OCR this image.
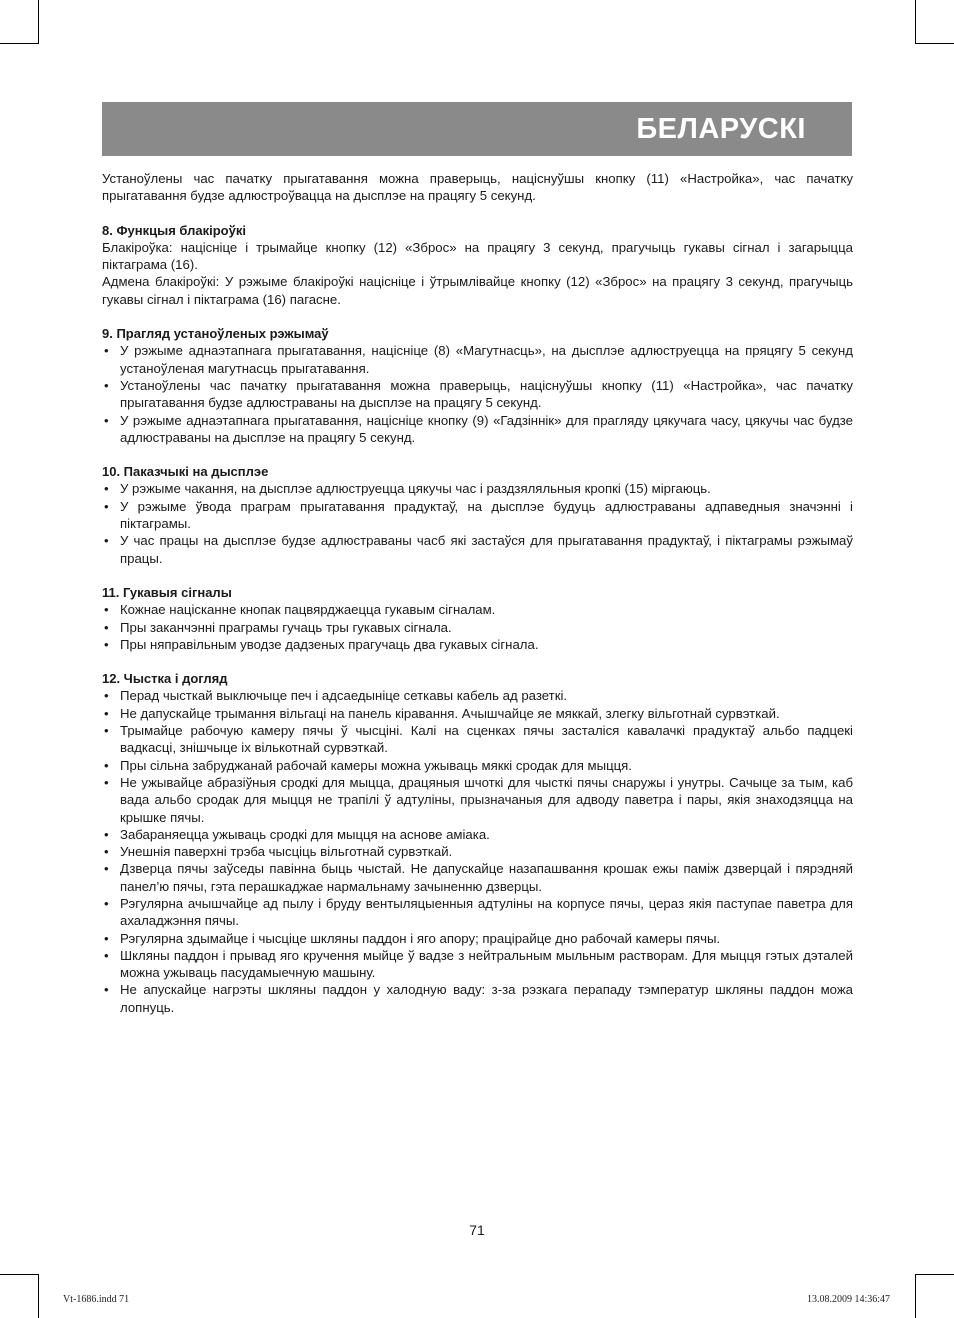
БЕЛАРУСКІ

Устаноўлены час пачатку прыгатавання можна праверыць, націснуўшы кнопку (11) «Настройка», час пачатку прыгатавання будзе адлюстроўвацца на дысплэе на працягу 5 секунд.

8. Функцыя блакіроўкі

Блакіроўка: націсніце і трымайце кнопку (12) «Зброс» на працягу 3 секунд, прагучыць гукавы сігнал і загарыцца піктаграма (16).

Адмена блакіроўкі: У рэжыме блакіроўкі націсніце і ўтрымлівайце кнопку (12) «Зброс» на працягу 3 секунд, прагучыць гукавы сігнал і піктаграма (16) пагасне.

9. Прагляд устаноўленых рэжымаў
• У рэжыме аднаэтапнага прыгатавання, націсніце (8) «Магутнасць», на дысплэе адлюструецца на пряцягу 5 секунд устаноўленая магутнасць прыгатавання.
• Устаноўлены час пачатку прыгатавання можна праверыць, націснуўшы кнопку (11) «Настройка», час пачатку прыгатавання будзе адлюстраваны на дысплэе на працягу 5 секунд.
• У рэжыме аднаэтапнага прыгатавання, націсніце кнопку (9) «Гадзіннік» для прагляду цякучага часу, цякучы час будзе адлюстраваны на дысплэе на працягу 5 секунд.
10. Паказчыкі на дысплэе
• У рэжыме чакання, на дысплэе адлюструецца цякучы час і раздзяляльныя кропкі (15) міргаюць.
• У рэжыме ўвода праграм прыгатавання прадуктаў, на дысплэе будуць адлюстраваны адпаведныя значэнні і піктаграмы.
• У час працы на дысплэе будзе адлюстраваны часб які застаўся для прыгатавання прадуктаў, і піктаграмы рэжымаў працы.
11. Гукавыя сігналы
• Кожнае націсканне кнопак пацвярджаецца гукавым сігналам.
• Пры заканчэнні праграмы гучаць тры гукавых сігнала.
• Пры няправільным уводзе дадзеных прагучаць два гукавых сігнала.
12. Чыстка і догляд
• Перад чысткай выключыце печ і адсаедыніце сеткавы кабель ад разеткі.
• Не дапускайце трымання вільгаці на панель кіравання. Ачышчайце яе мяккай, злегку вільготнай сурвэткай.
• Трымайце рабочую камеру пячы ў чысціні. Калі на сценках пячы засталіся кавалачкі прадуктаў альбо падцекі вадкасці, знішчыце іх вількотнай сурвэткай.
• Пры сільна забруджанай рабочай камеры можна ужываць мяккі сродак для мыцця.
• Не ужывайце абразіўныя сродкі для мыцца, драцяныя шчоткі для чысткі пячы снаружы і унутры. Сачыце за тым, каб вада альбо сродак для мыцця не трапілі ў адтуліны, прызначаныя для адводу паветра і пары, якія знаходзяцца на крышке пячы.
• Забараняецца ужываць сродкі для мыцця на аснове аміака.
• Унешнія паверхні трэба чысціць вільготнай сурвэткай.
• Дзверца пячы заўседы павінна быць чыстай. Не дапускайце назапашвання крошак ежы паміж дзверцай і пярэдняй панел’ю пячы, гэта перашкаджае нармальнаму зачыненню дзверцы.
• Рэгулярна ачышчайце ад пылу і бруду вентыляцыенныя адтуліны на корпусе пячы, цераз якія паступае паветра для ахаладжэння пячы.
• Рэгулярна здымайце і чысціце шкляны паддон і яго апору; працірайце дно рабочай камеры пячы.
• Шкляны паддон і прывад яго кручення мыйце ў вадзе з нейтральным мыльным растворам. Для мыцця гэтых дэталей можна ужываць пасудамыечную машыну.
• Не апускайце нагрэты шкляны паддон у халодную ваду: з-за рэзкага перападу тэмператур шкляны паддон можа лопнуць.
71
Vt-1686.indd 71	13.08.2009 14:36:47
